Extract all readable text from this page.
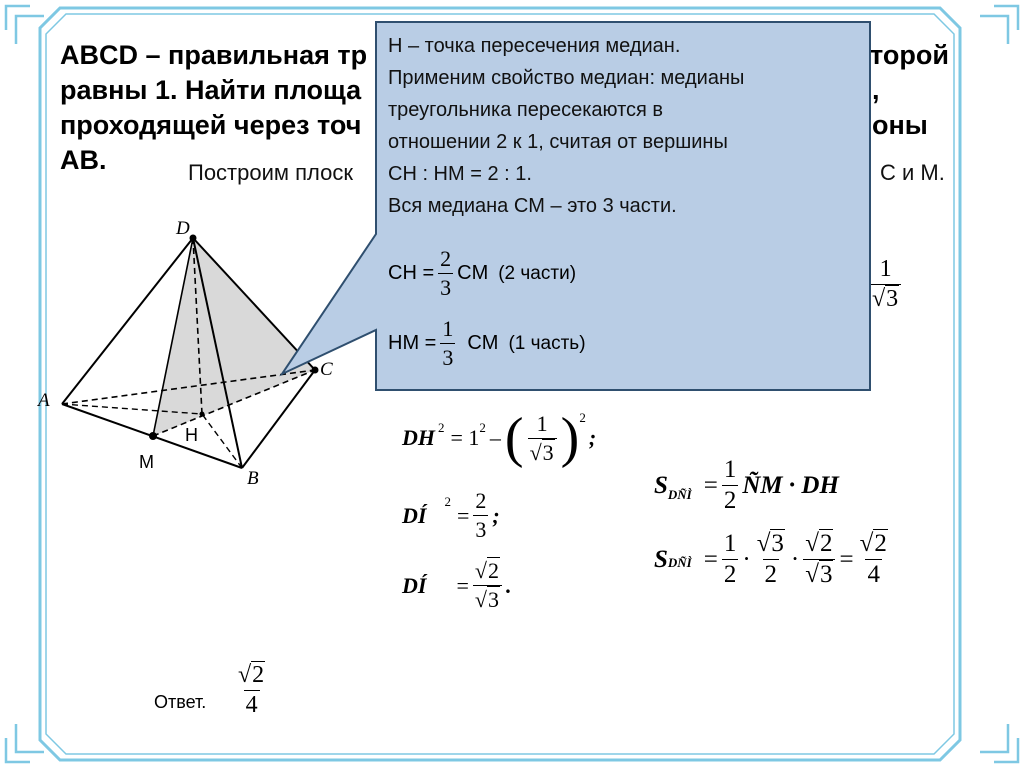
ABCD – правильная тр	торой
равны 1. Найти площа	,
проходящей через точ	оны
AB.	Построим плоск	С и М.
D
A
B
C
H
M
$\frac{1}{√3}$
$DH^2 = 1^2$ – ( $\frac{1}{√3} )^2$
;
DÍ
$^2$
= $\frac{2}{3}$ ;
DÍ = $\frac{√2}{√3}$ .
$S_{DÑÌ} = \frac{1}{2}$ ÑM · DH
S DÑÌ = $\frac{1}{2} \cdot \frac{√3}{2} \cdot \frac{√2}{√3} = \frac{√2}{4}$
Ответ. $\frac{√2}{4}$
H – точка пересечения медиан.
Применим свойство медиан: медианы
треугольника пересекаются в
отношении 2 к 1, считая от вершины
CH : HM = 2 : 1.
Вся медиана CM – это 3 части.
CH = $\frac{2}{3}$ CM (2 части)
HM = $\frac{1}{3}$ CM (1 часть)
